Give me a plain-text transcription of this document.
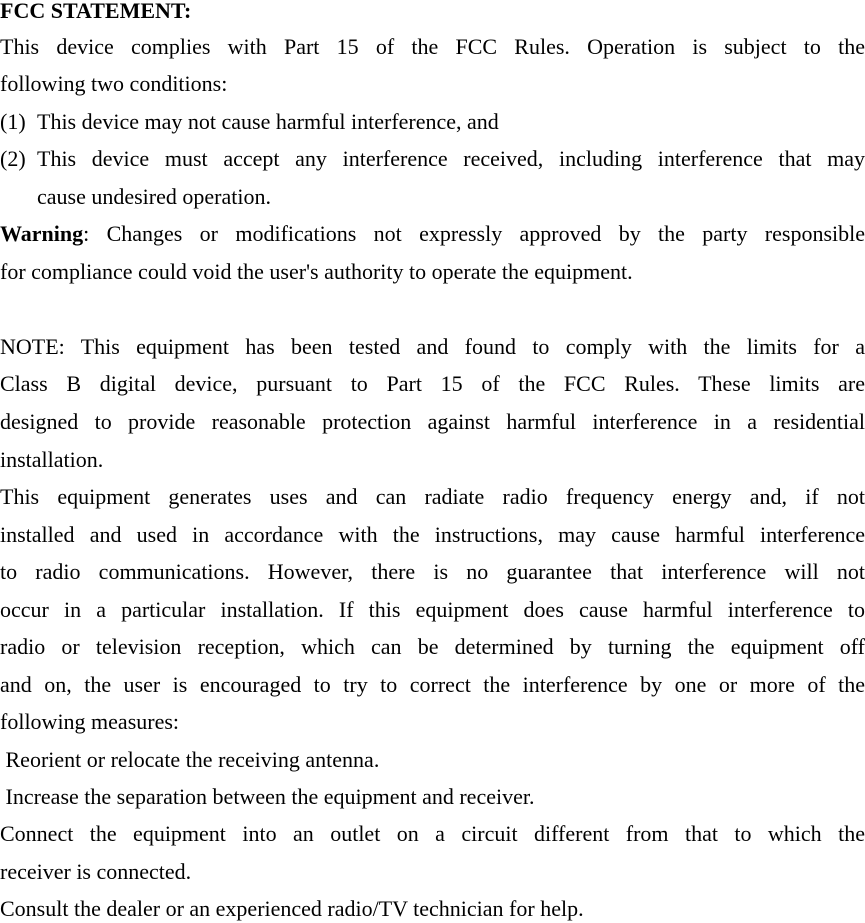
FCC STATEMENT:
This device complies with Part 15 of the FCC Rules. Operation is subject to the
following two conditions:
(1) This device may not cause harmful interference, and
(2) This device must accept any interference received, including interference that may
cause undesired operation.
Warning: Changes or modifications not expressly approved by the party responsible
for compliance could void the user's authority to operate the equipment.
NOTE: This equipment has been tested and found to comply with the limits for a
Class B digital device, pursuant to Part 15 of the FCC Rules. These limits are
designed to provide reasonable protection against harmful interference in a residential
installation.
This equipment generates uses and can radiate radio frequency energy and, if not
installed and used in accordance with the instructions, may cause harmful interference
to radio communications. However, there is no guarantee that interference will not
occur in a particular installation. If this equipment does cause harmful interference to
radio or television reception, which can be determined by turning the equipment off
and on, the user is encouraged to try to correct the interference by one or more of the
following measures:
Reorient or relocate the receiving antenna.
Increase the separation between the equipment and receiver.
Connect the equipment into an outlet on a circuit different from that to which the
receiver is connected.
Consult the dealer or an experienced radio/TV technician for help.
